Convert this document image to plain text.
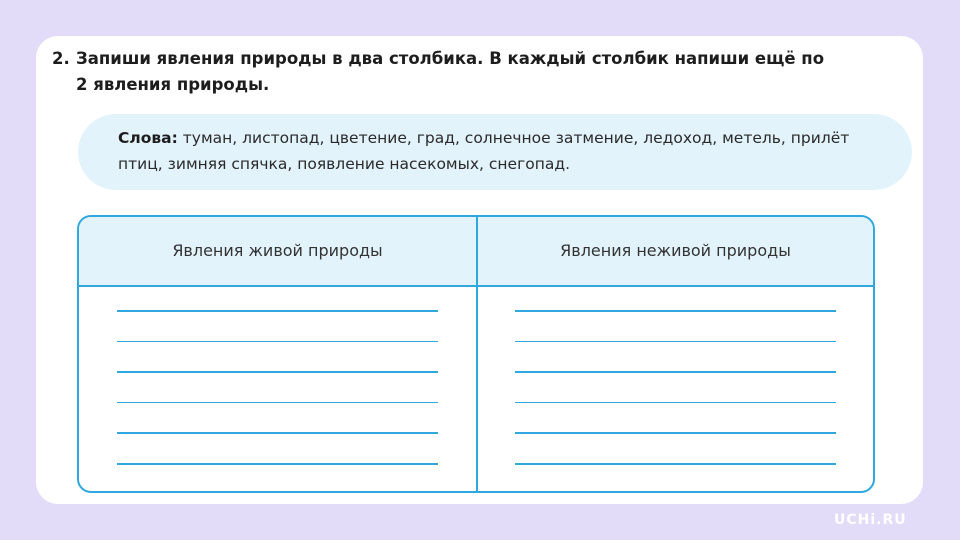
2. Запиши явления природы в два столбика. В каждый столбик напиши ещё по 2 явления природы.
Слова: туман, листопад, цветение, град, солнечное затмение, ледоход, метель, прилёт птиц, зимняя спячка, появление насекомых, снегопад.
Явления живой природы	Явления неживой природы
UCHi.RU
